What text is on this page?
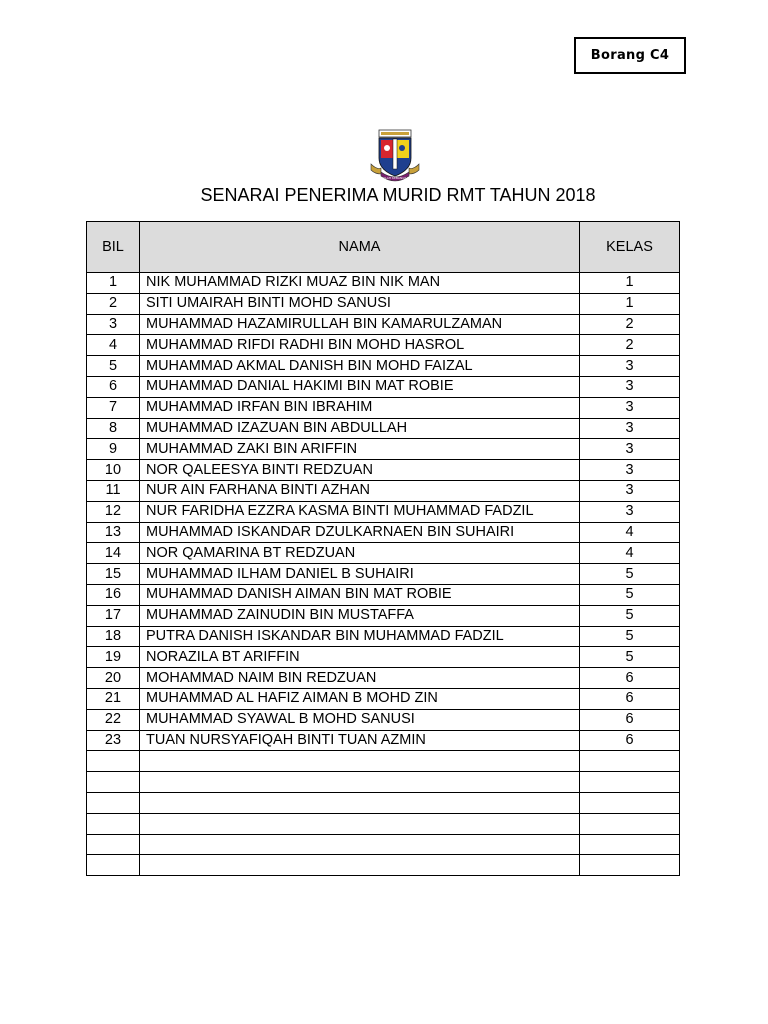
Borang C4
SEKOLAH KEBANGSAAN
SENARAI PENERIMA MURID RMT TAHUN 2018
BIL	NAMA	KELAS
1	NIK MUHAMMAD RIZKI MUAZ BIN NIK MAN	1
2	SITI UMAIRAH BINTI MOHD SANUSI	1
3	MUHAMMAD HAZAMIRULLAH BIN KAMARULZAMAN	2
4	MUHAMMAD RIFDI RADHI BIN MOHD HASROL	2
5	MUHAMMAD AKMAL DANISH BIN MOHD FAIZAL	3
6	MUHAMMAD DANIAL HAKIMI BIN MAT ROBIE	3
7	MUHAMMAD IRFAN BIN IBRAHIM	3
8	MUHAMMAD IZAZUAN BIN ABDULLAH	3
9	MUHAMMAD ZAKI BIN ARIFFIN	3
10	NOR QALEESYA BINTI REDZUAN	3
11	NUR AIN FARHANA BINTI AZHAN	3
12	NUR FARIDHA EZZRA KASMA BINTI MUHAMMAD FADZIL	3
13	MUHAMMAD ISKANDAR DZULKARNAEN BIN SUHAIRI	4
14	NOR QAMARINA BT REDZUAN	4
15	MUHAMMAD ILHAM DANIEL B SUHAIRI	5
16	MUHAMMAD DANISH AIMAN BIN MAT ROBIE	5
17	MUHAMMAD ZAINUDIN BIN MUSTAFFA	5
18	PUTRA DANISH ISKANDAR BIN MUHAMMAD FADZIL	5
19	NORAZILA BT ARIFFIN	5
20	MOHAMMAD NAIM BIN REDZUAN	6
21	MUHAMMAD AL HAFIZ AIMAN B MOHD ZIN	6
22	MUHAMMAD SYAWAL B MOHD SANUSI	6
23	TUAN NURSYAFIQAH BINTI TUAN AZMIN	6
